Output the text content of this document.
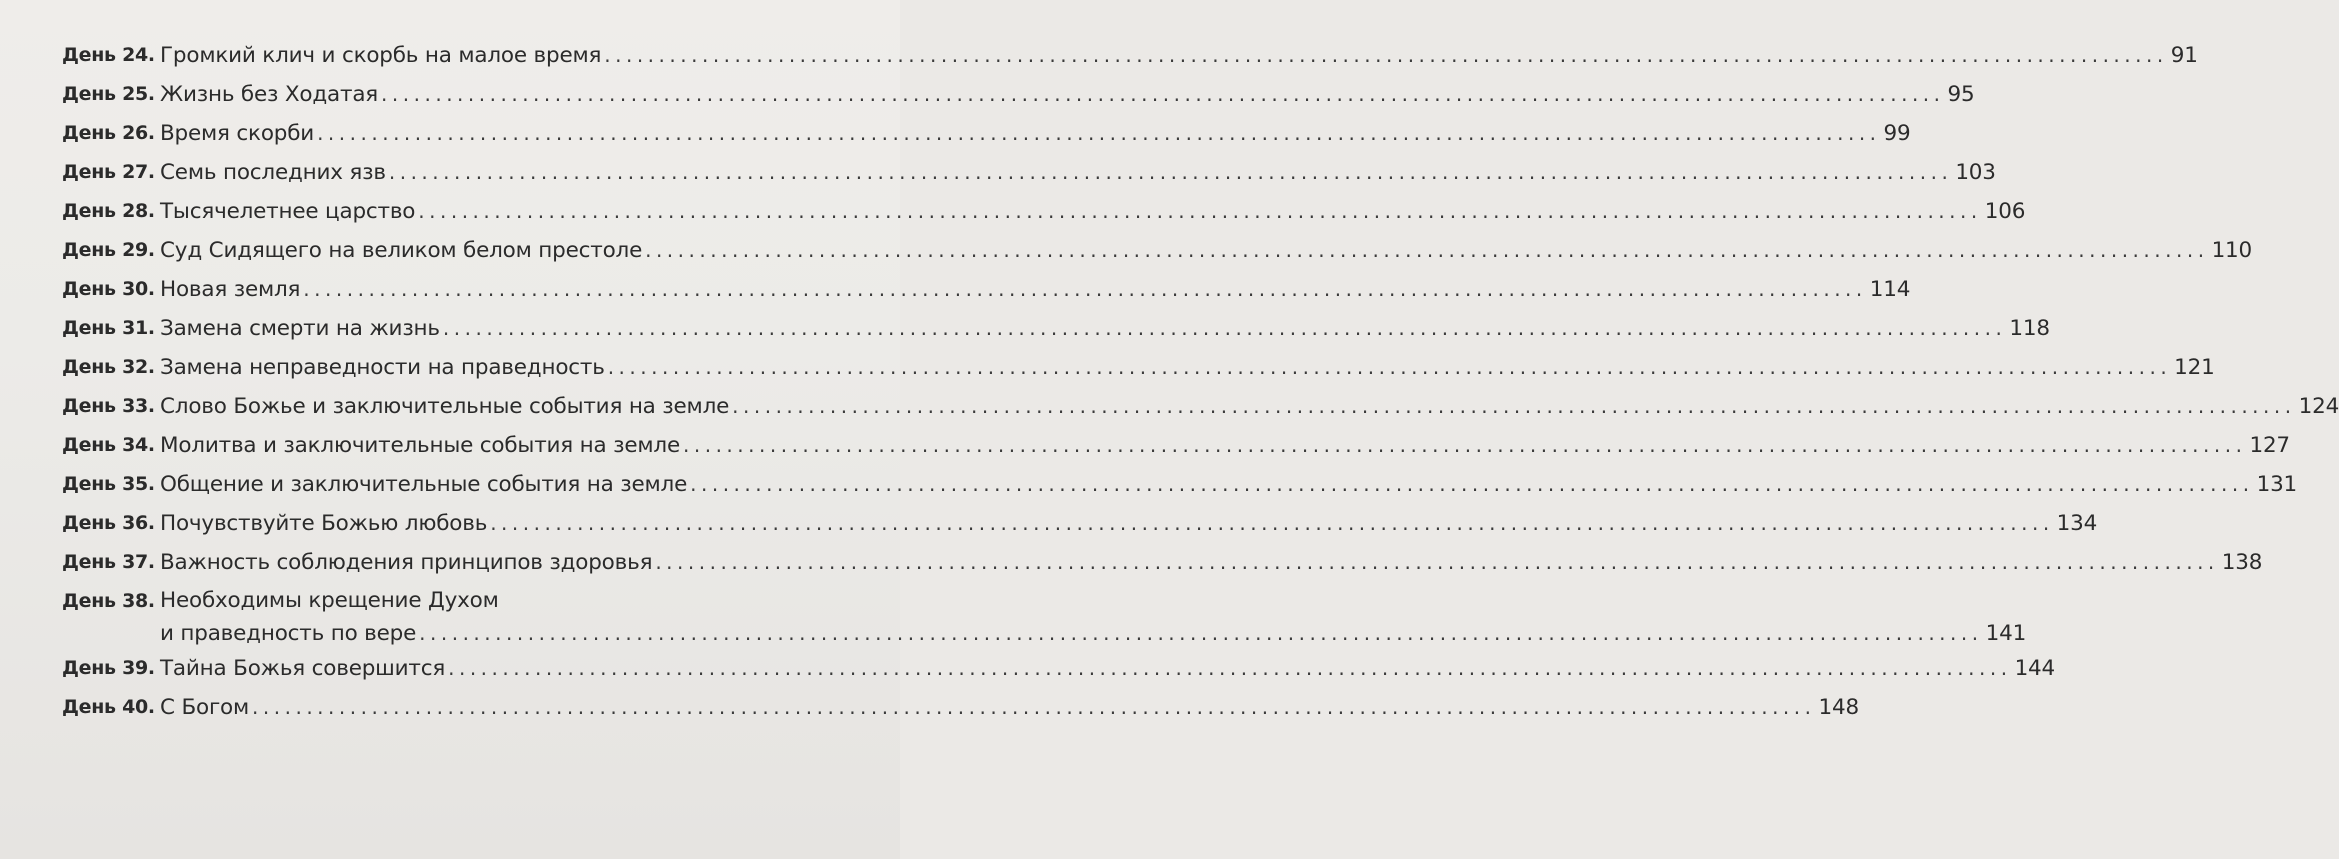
День 24. Громкий клич и скорбь на малое время .....	91
День 25. Жизнь без Ходатая .....	95
День 26. Время скорби .....	99
День 27. Семь последних язв .....	103
День 28. Тысячелетнее царство .....	106
День 29. Суд Сидящего на великом белом престоле .....	110
День 30. Новая земля .....	114
День 31. Замена смерти на жизнь .....	118
День 32. Замена неправедности на праведность .....	121
День 33. Слово Божье и заключительные события на земле .....	124
День 34. Молитва и заключительные события на земле .....	127
День 35. Общение и заключительные события на земле .....	131
День 36. Почувствуйте Божью любовь .....	134
День 37. Важность соблюдения принципов здоровья .....	138
День 38. Необходимы крещение Духом
и праведность по вере .....	141
День 39. Тайна Божья совершится .....	144
День 40. С Богом .....	148
